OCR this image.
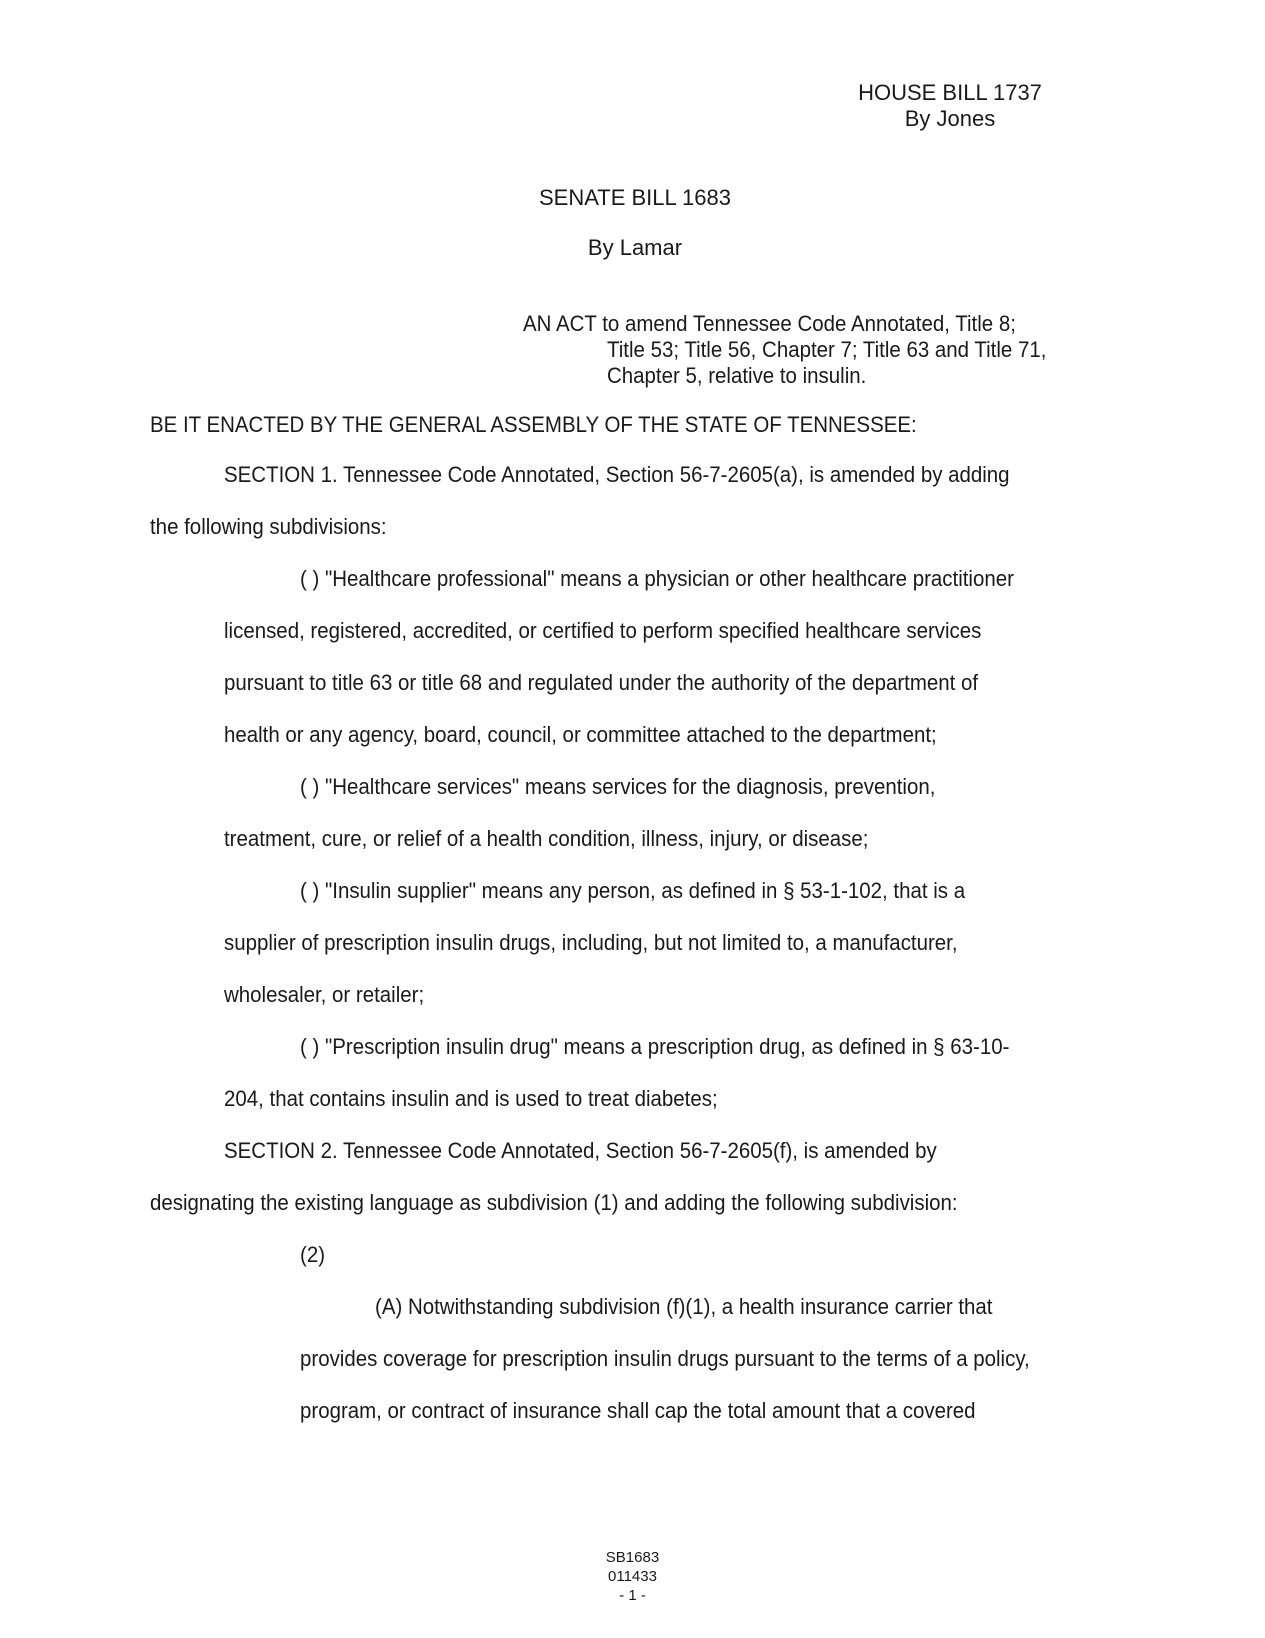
HOUSE BILL 1737
By Jones
SENATE BILL 1683
By Lamar
AN ACT to amend Tennessee Code Annotated, Title 8;
Title 53; Title 56, Chapter 7; Title 63 and Title 71,
Chapter 5, relative to insulin.
BE IT ENACTED BY THE GENERAL ASSEMBLY OF THE STATE OF TENNESSEE:
SECTION 1. Tennessee Code Annotated, Section 56-7-2605(a), is amended by adding
the following subdivisions:
( ) "Healthcare professional" means a physician or other healthcare practitioner
licensed, registered, accredited, or certified to perform specified healthcare services
pursuant to title 63 or title 68 and regulated under the authority of the department of
health or any agency, board, council, or committee attached to the department;
( ) "Healthcare services" means services for the diagnosis, prevention,
treatment, cure, or relief of a health condition, illness, injury, or disease;
( ) "Insulin supplier" means any person, as defined in § 53-1-102, that is a
supplier of prescription insulin drugs, including, but not limited to, a manufacturer,
wholesaler, or retailer;
( ) "Prescription insulin drug" means a prescription drug, as defined in § 63-10-
204, that contains insulin and is used to treat diabetes;
SECTION 2. Tennessee Code Annotated, Section 56-7-2605(f), is amended by
designating the existing language as subdivision (1) and adding the following subdivision:
(2)
(A) Notwithstanding subdivision (f)(1), a health insurance carrier that
provides coverage for prescription insulin drugs pursuant to the terms of a policy,
program, or contract of insurance shall cap the total amount that a covered
SB1683
011433
- 1 -
